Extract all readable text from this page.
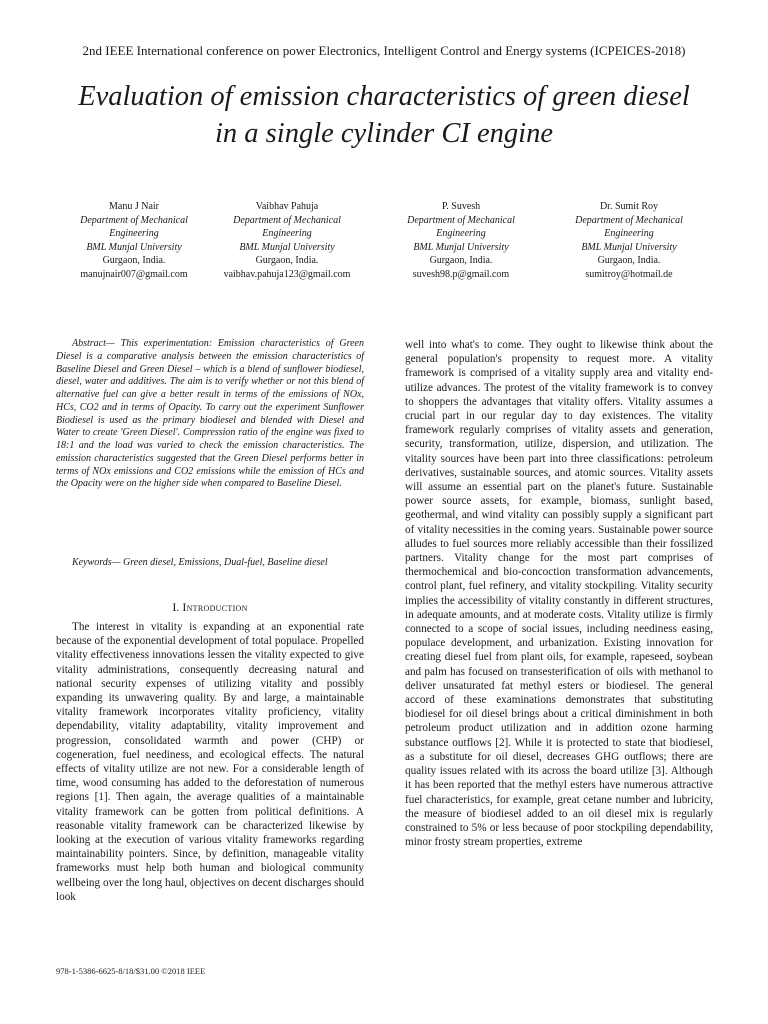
2nd IEEE International conference on power Electronics, Intelligent Control and Energy systems (ICPEICES-2018)
Evaluation of emission characteristics of green diesel
in a single cylinder CI engine
Manu J Nair
Department of Mechanical
Engineering
BML Munjal University
Gurgaon, India.
manujnair007@gmail.com
Vaibhav Pahuja
Department of Mechanical
Engineering
BML Munjal University
Gurgaon, India.
vaibhav.pahuja123@gmail.com
P. Suvesh
Department of Mechanical
Engineering
BML Munjal University
Gurgaon, India.
suvesh98.p@gmail.com
Dr. Sumit Roy
Department of Mechanical
Engineering
BML Munjal University
Gurgaon, India.
sumitroy@hotmail.de

Abstract— This experimentation: Emission characteristics of Green Diesel is a comparative analysis between the emission characteristics of Baseline Diesel and Green Diesel – which is a blend of sunflower biodiesel, diesel, water and additives. The aim is to verify whether or not this blend of alternative fuel can give a better result in terms of the emissions of NOx, HCs, CO2 and in terms of Opacity. To carry out the experiment Sunflower Biodiesel is used as the primary biodiesel and blended with Diesel and Water to create 'Green Diesel'. Compression ratio of the engine was fixed to 18:1 and the load was varied to check the emission characteristics. The emission characteristics suggested that the Green Diesel performs better in terms of NOx emissions and CO2 emissions while the emission of HCs and the Opacity were on the higher side when compared to Baseline Diesel.

Keywords— Green diesel, Emissions, Dual-fuel, Baseline diesel

I. Introduction

The interest in vitality is expanding at an exponential rate because of the exponential development of total populace. Propelled vitality effectiveness innovations lessen the vitality expected to give vitality administrations, consequently decreasing natural and national security expenses of utilizing vitality and possibly expanding its unwavering quality. By and large, a maintainable vitality framework incorporates vitality proficiency, vitality dependability, vitality adaptability, vitality improvement and progression, consolidated warmth and power (CHP) or cogeneration, fuel neediness, and ecological effects. The natural effects of vitality utilize are not new. For a considerable length of time, wood consuming has added to the deforestation of numerous regions [1]. Then again, the average qualities of a maintainable vitality framework can be gotten from political definitions. A reasonable vitality framework can be characterized likewise by looking at the execution of various vitality frameworks regarding maintainability pointers. Since, by definition, manageable vitality frameworks must help both human and biological community wellbeing over the long haul, objectives on decent discharges should look

well into what's to come. They ought to likewise think about the general population's propensity to request more. A vitality framework is comprised of a vitality supply area and vitality end-utilize advances. The protest of the vitality framework is to convey to shoppers the advantages that vitality offers. Vitality assumes a crucial part in our regular day to day existences. The vitality framework regularly comprises of vitality assets and generation, security, transformation, utilize, dispersion, and utilization. The vitality sources have been part into three classifications: petroleum derivatives, sustainable sources, and atomic sources. Vitality assets will assume an essential part on the planet's future. Sustainable power source assets, for example, biomass, sunlight based, geothermal, and wind vitality can possibly supply a significant part of vitality necessities in the coming years. Sustainable power source alludes to fuel sources more reliably accessible than their fossilized partners. Vitality change for the most part comprises of thermochemical and bio-concoction transformation advancements, control plant, fuel refinery, and vitality stockpiling. Vitality security implies the accessibility of vitality constantly in different structures, in adequate amounts, and at moderate costs. Vitality utilize is firmly connected to a scope of social issues, including neediness easing, populace development, and urbanization. Existing innovation for creating diesel fuel from plant oils, for example, rapeseed, soybean and palm has focused on transesterification of oils with methanol to deliver unsaturated fat methyl esters or biodiesel. The general accord of these examinations demonstrates that substituting biodiesel for oil diesel brings about a critical diminishment in both petroleum product utilization and in addition ozone harming substance outflows [2]. While it is protected to state that biodiesel, as a substitute for oil diesel, decreases GHG outflows; there are quality issues related with its across the board utilize [3]. Although it has been reported that the methyl esters have numerous attractive fuel characteristics, for example, great cetane number and lubricity, the measure of biodiesel added to an oil diesel mix is regularly constrained to 5% or less because of poor stockpiling dependability, minor frosty stream properties, extreme

978-1-5386-6625-8/18/$31.00 ©2018 IEEE
